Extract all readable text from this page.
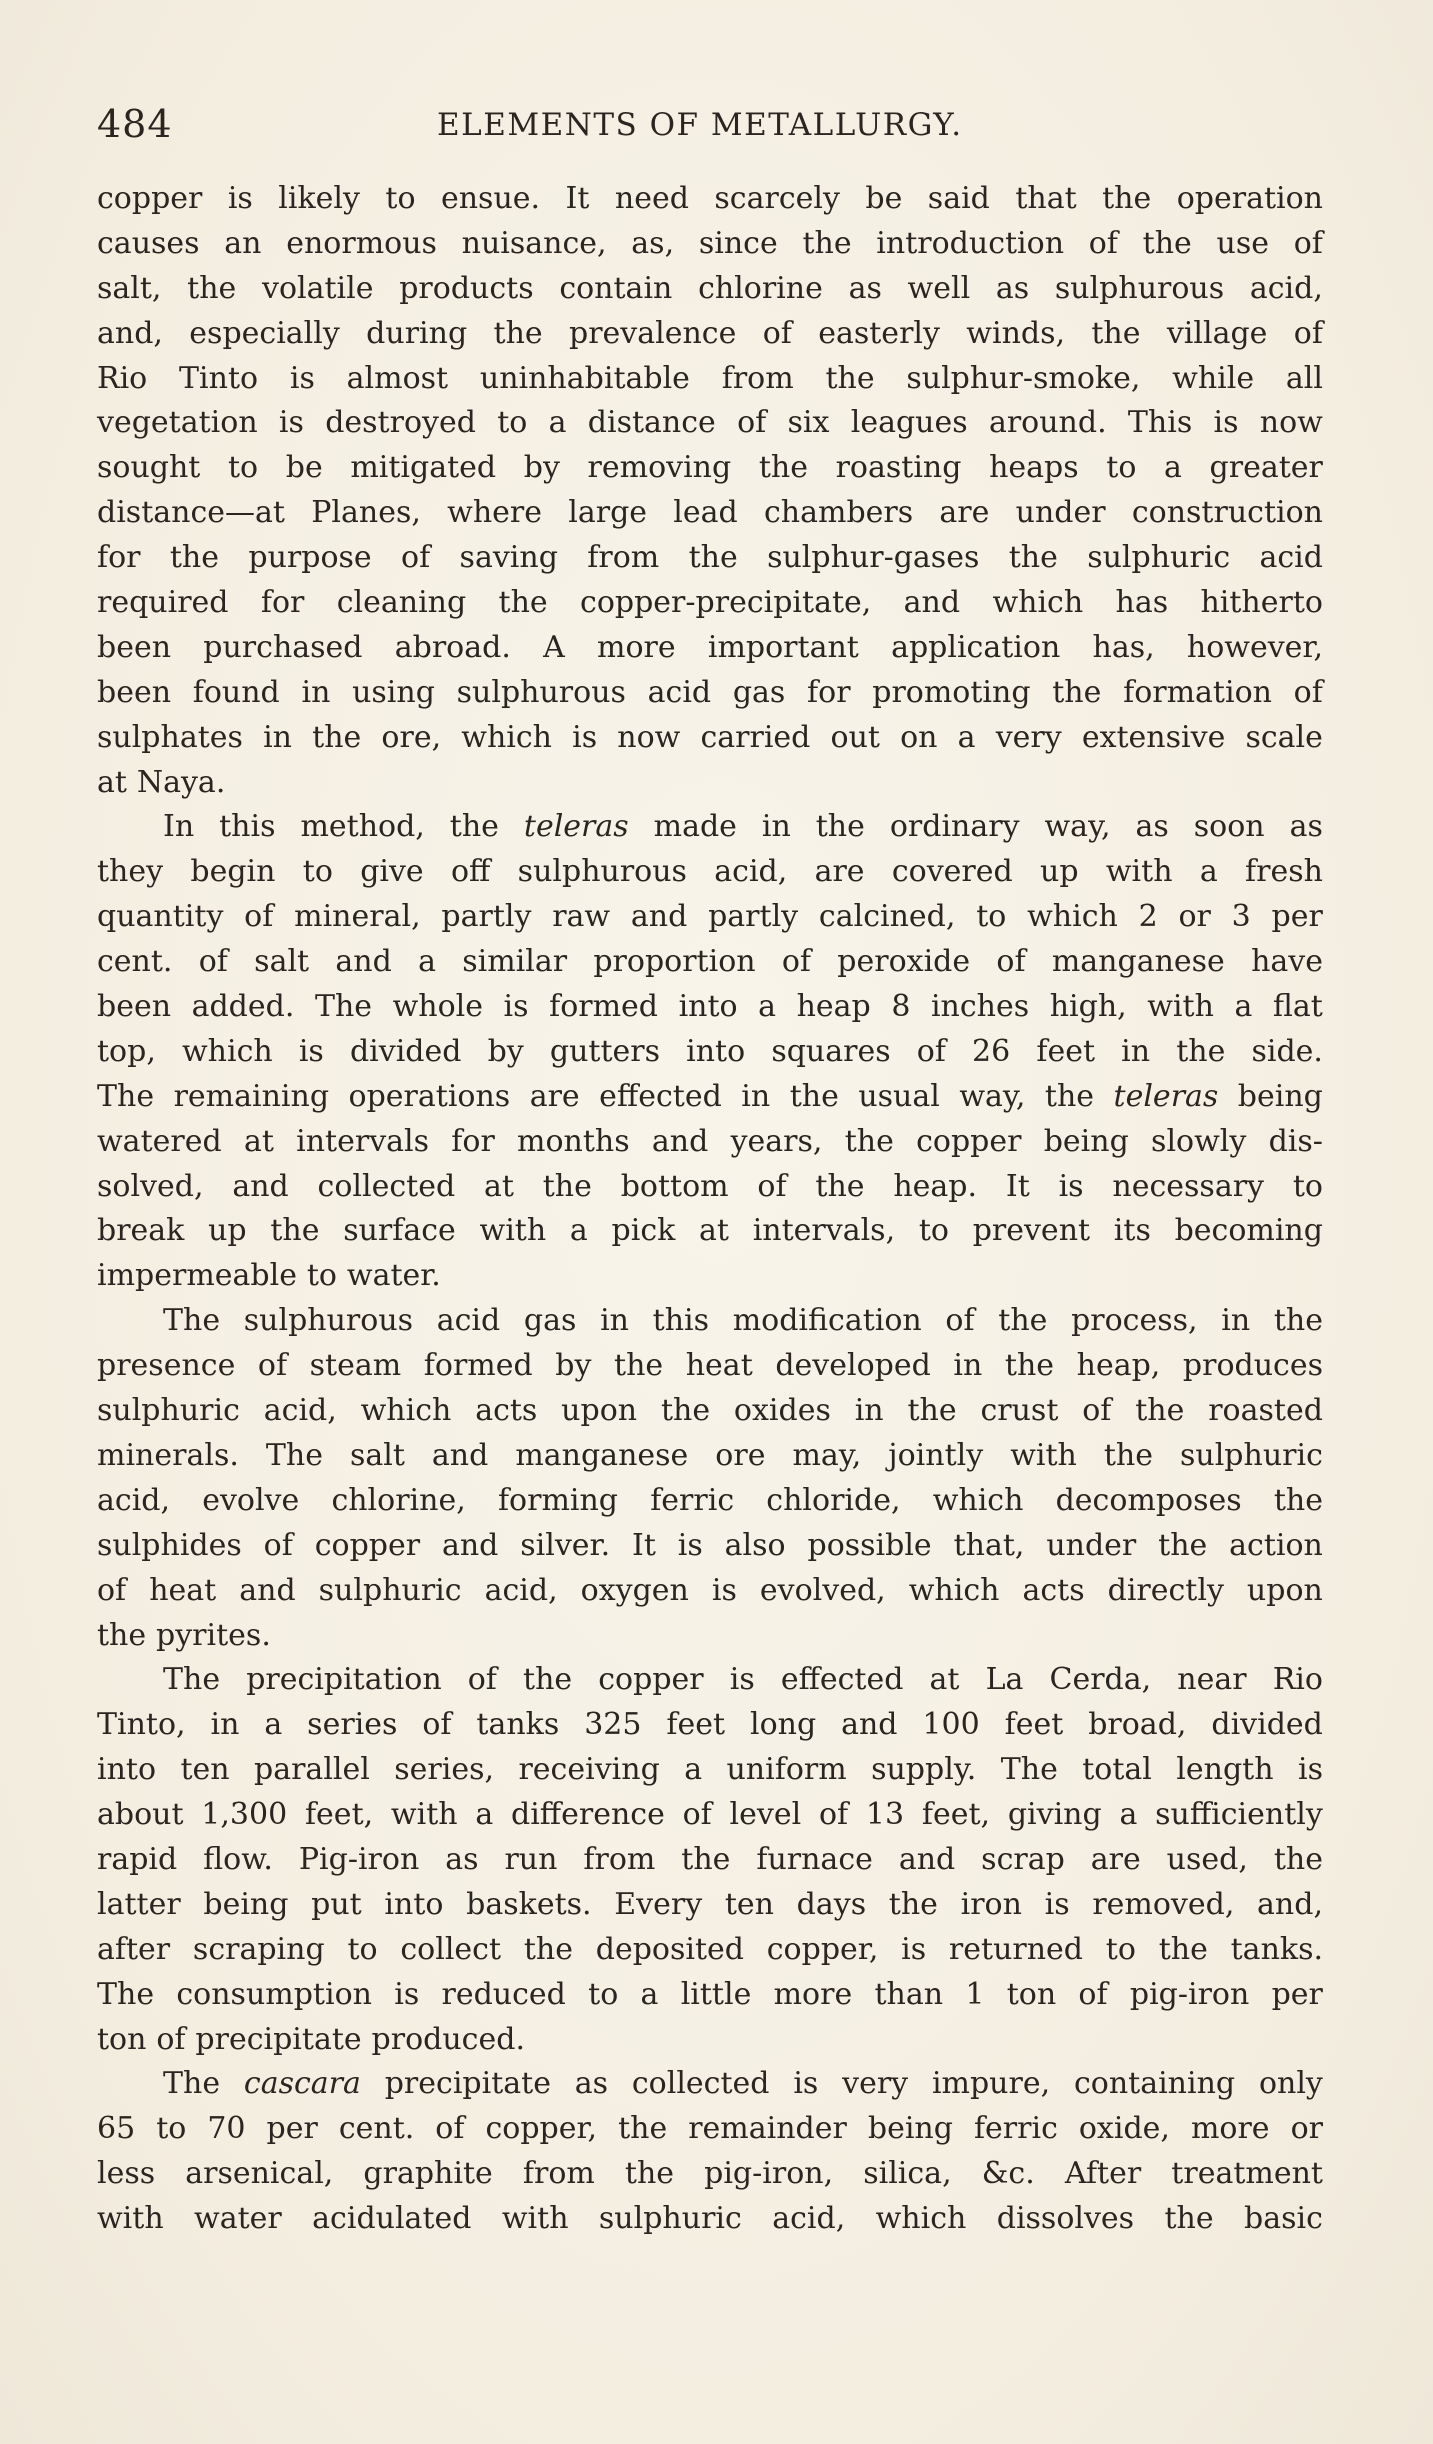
484	ELEMENTS OF METALLURGY.
copper is likely to ensue. It need scarcely be said that the operation
causes an enormous nuisance, as, since the introduction of the use of
salt, the volatile products contain chlorine as well as sulphurous acid,
and, especially during the prevalence of easterly winds, the village of
Rio Tinto is almost uninhabitable from the sulphur-smoke, while all
vegetation is destroyed to a distance of six leagues around. This is now
sought to be mitigated by removing the roasting heaps to a greater
distance—at Planes, where large lead chambers are under construction
for the purpose of saving from the sulphur-gases the sulphuric acid
required for cleaning the copper-precipitate, and which has hitherto
been purchased abroad. A more important application has, however,
been found in using sulphurous acid gas for promoting the formation of
sulphates in the ore, which is now carried out on a very extensive scale
at Naya.
In this method, the teleras made in the ordinary way, as soon as
they begin to give off sulphurous acid, are covered up with a fresh
quantity of mineral, partly raw and partly calcined, to which 2 or 3 per
cent. of salt and a similar proportion of peroxide of manganese have
been added. The whole is formed into a heap 8 inches high, with a flat
top, which is divided by gutters into squares of 26 feet in the side.
The remaining operations are effected in the usual way, the teleras being
watered at intervals for months and years, the copper being slowly dis-
solved, and collected at the bottom of the heap. It is necessary to
break up the surface with a pick at intervals, to prevent its becoming
impermeable to water.
The sulphurous acid gas in this modification of the process, in the
presence of steam formed by the heat developed in the heap, produces
sulphuric acid, which acts upon the oxides in the crust of the roasted
minerals. The salt and manganese ore may, jointly with the sulphuric
acid, evolve chlorine, forming ferric chloride, which decomposes the
sulphides of copper and silver. It is also possible that, under the action
of heat and sulphuric acid, oxygen is evolved, which acts directly upon
the pyrites.
The precipitation of the copper is effected at La Cerda, near Rio
Tinto, in a series of tanks 325 feet long and 100 feet broad, divided
into ten parallel series, receiving a uniform supply. The total length is
about 1,300 feet, with a difference of level of 13 feet, giving a sufficiently
rapid flow. Pig-iron as run from the furnace and scrap are used, the
latter being put into baskets. Every ten days the iron is removed, and,
after scraping to collect the deposited copper, is returned to the tanks.
The consumption is reduced to a little more than 1 ton of pig-iron per
ton of precipitate produced.
The cascara precipitate as collected is very impure, containing only
65 to 70 per cent. of copper, the remainder being ferric oxide, more or
less arsenical, graphite from the pig-iron, silica, &c. After treatment
with water acidulated with sulphuric acid, which dissolves the basic
